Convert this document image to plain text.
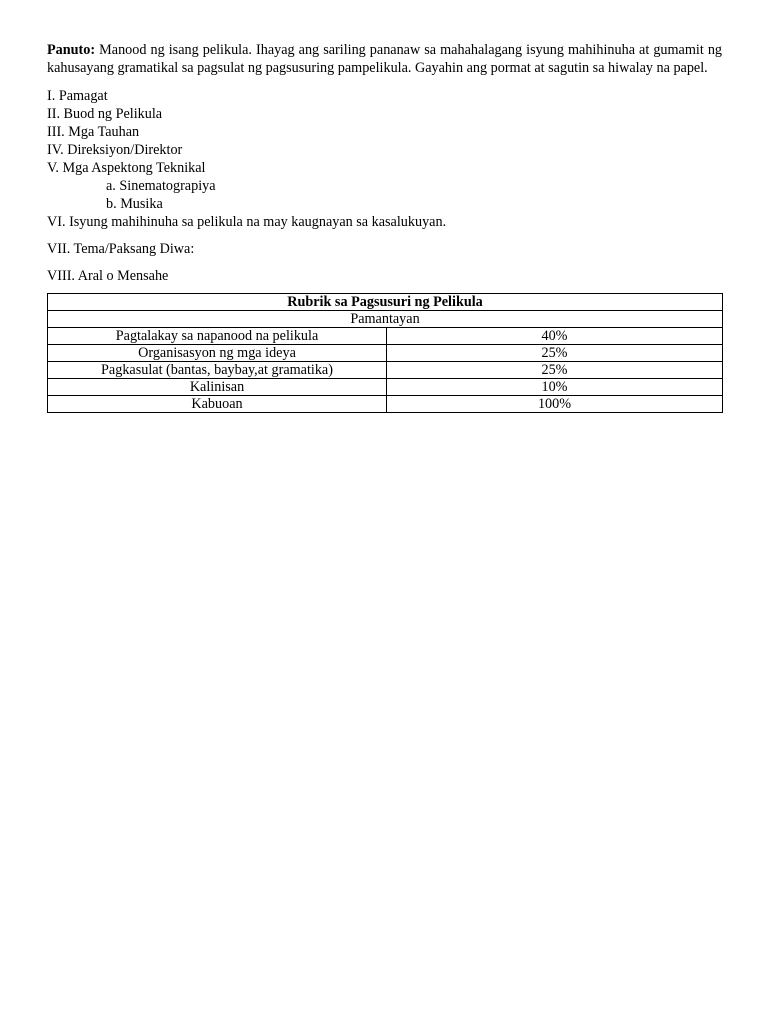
Panuto: Manood ng isang pelikula. Ihayag ang sariling pananaw sa mahahalagang isyung mahihinuha at gumamit ng kahusayang gramatikal sa pagsulat ng pagsusuring pampelikula. Gayahin ang pormat at sagutin sa hiwalay na papel.

I. Pamagat
II. Buod ng Pelikula
III. Mga Tauhan
IV. Direksiyon/Direktor
V. Mga Aspektong Teknikal
a. Sinematograpiya
b. Musika
VI. Isyung mahihinuha sa pelikula na may kaugnayan sa kasalukuyan.

VII. Tema/Paksang Diwa:

VIII. Aral o Mensahe

Rubrik sa Pagsusuri ng Pelikula	
Pamantayan	
Pagtalakay sa napanood na pelikula	40%
Organisasyon ng mga ideya	25%
Pagkasulat (bantas, baybay,at gramatika)	25%
Kalinisan	10%
Kabuoan	100%
